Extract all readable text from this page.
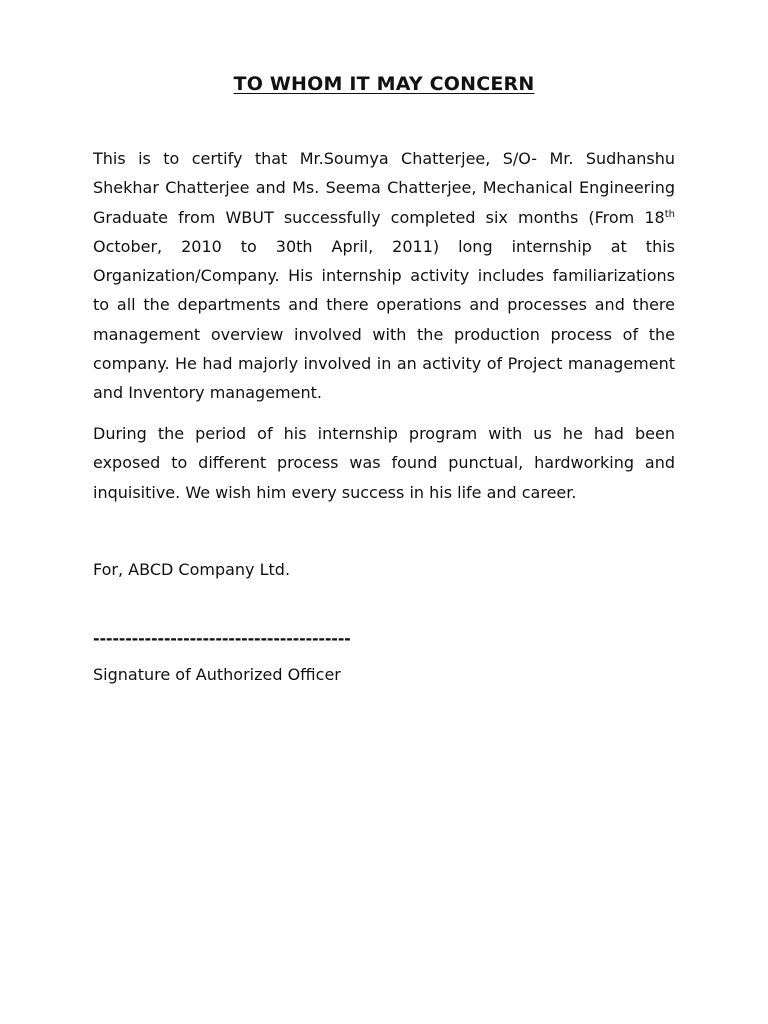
TO WHOM IT MAY CONCERN

This is to certify that Mr.Soumya Chatterjee, S/O- Mr. Sudhanshu Shekhar Chatterjee and Ms. Seema Chatterjee, Mechanical Engineering Graduate from WBUT successfully completed six months (From 18th October, 2010 to 30th April, 2011) long internship at this Organization/Company. His internship activity includes familiarizations to all the departments and there operations and processes and there management overview involved with the production process of the company. He had majorly involved in an activity of Project management and Inventory management.

During the period of his internship program with us he had been exposed to different process was found punctual, hardworking and inquisitive. We wish him every success in his life and career.

For, ABCD Company Ltd.
----------------------------------------
Signature of Authorized Officer
